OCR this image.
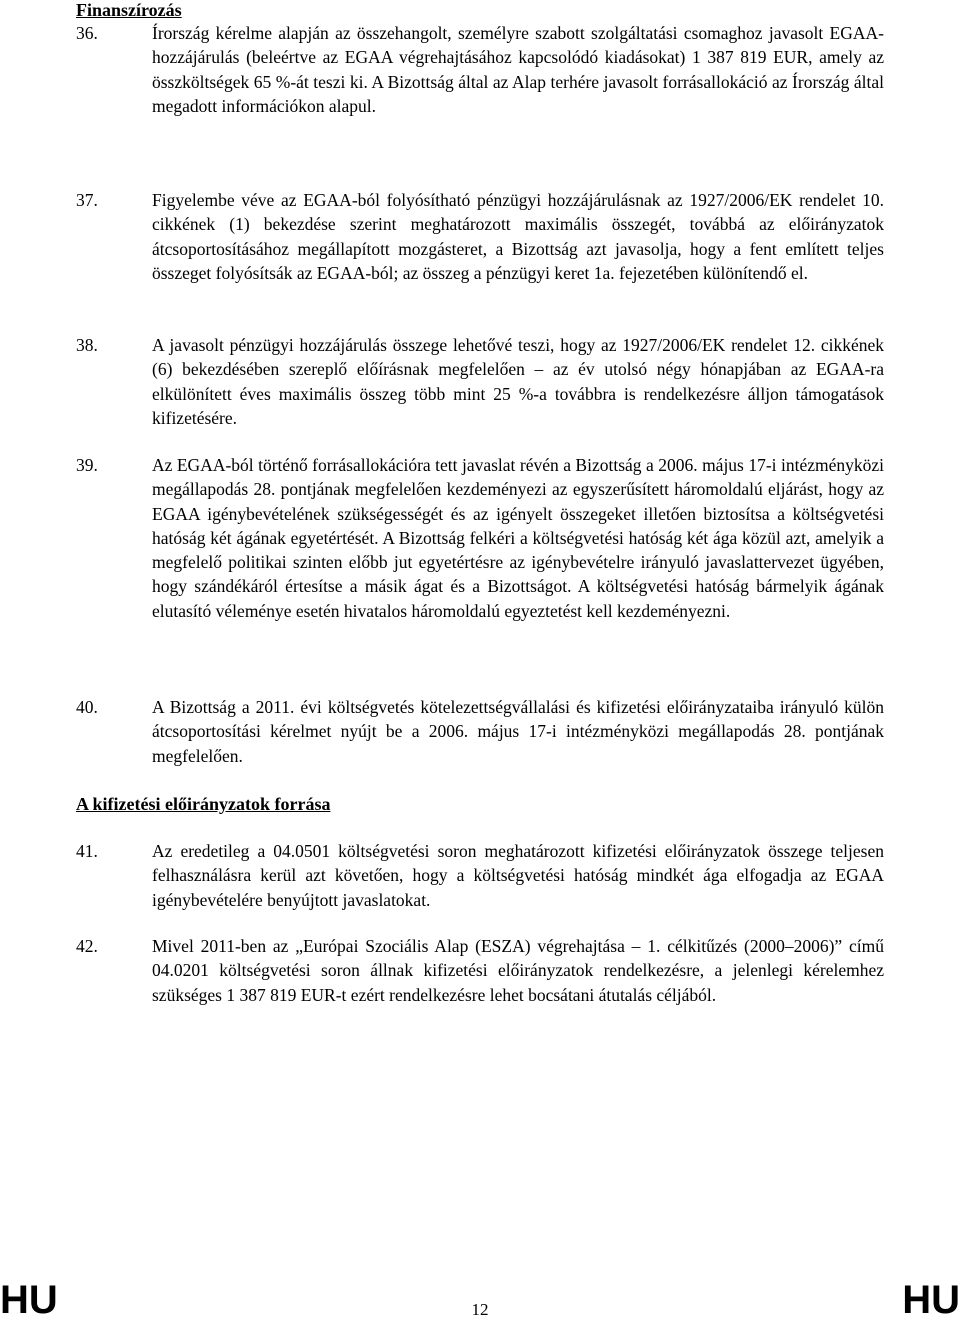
Finanszírozás
36.	Írország kérelme alapján az összehangolt, személyre szabott szolgáltatási csomaghoz javasolt EGAA-hozzájárulás (beleértve az EGAA végrehajtásához kapcsolódó kiadásokat) 1 387 819 EUR, amely az összköltségek 65 %-át teszi ki. A Bizottság által az Alap terhére javasolt forrásallokáció az Írország által megadott információkon alapul.
37.	Figyelembe véve az EGAA-ból folyósítható pénzügyi hozzájárulásnak az 1927/2006/EK rendelet 10. cikkének (1) bekezdése szerint meghatározott maximális összegét, továbbá az előirányzatok átcsoportosításához megállapított mozgásteret, a Bizottság azt javasolja, hogy a fent említett teljes összeget folyósítsák az EGAA-ból; az összeg a pénzügyi keret 1a. fejezetében különítendő el.
38.	A javasolt pénzügyi hozzájárulás összege lehetővé teszi, hogy az 1927/2006/EK rendelet 12. cikkének (6) bekezdésében szereplő előírásnak megfelelően – az év utolsó négy hónapjában az EGAA-ra elkülönített éves maximális összeg több mint 25 %-a továbbra is rendelkezésre álljon támogatások kifizetésére.
39.	Az EGAA-ból történő forrásallokációra tett javaslat révén a Bizottság a 2006. május 17-i intézményközi megállapodás 28. pontjának megfelelően kezdeményezi az egyszerűsített háromoldalú eljárást, hogy az EGAA igénybevételének szükségességét és az igényelt összegeket illetően biztosítsa a költségvetési hatóság két ágának egyetértését. A Bizottság felkéri a költségvetési hatóság két ága közül azt, amelyik a megfelelő politikai szinten előbb jut egyetértésre az igénybevételre irányuló javaslattervezet ügyében, hogy szándékáról értesítse a másik ágat és a Bizottságot. A költségvetési hatóság bármelyik ágának elutasító véleménye esetén hivatalos háromoldalú egyeztetést kell kezdeményezni.
40.	A Bizottság a 2011. évi költségvetés kötelezettségvállalási és kifizetési előirányzataiba irányuló külön átcsoportosítási kérelmet nyújt be a 2006. május 17-i intézményközi megállapodás 28. pontjának megfelelően.
A kifizetési előirányzatok forrása
41.	Az eredetileg a 04.0501 költségvetési soron meghatározott kifizetési előirányzatok összege teljesen felhasználásra kerül azt követően, hogy a költségvetési hatóság mindkét ága elfogadja az EGAA igénybevételére benyújtott javaslatokat.
42.	Mivel 2011-ben az „Európai Szociális Alap (ESZA) végrehajtása – 1. célkitűzés (2000–2006)” című 04.0201 költségvetési soron állnak kifizetési előirányzatok rendelkezésre, a jelenlegi kérelemhez szükséges 1 387 819 EUR-t ezért rendelkezésre lehet bocsátani átutalás céljából.
HU	12	HU
